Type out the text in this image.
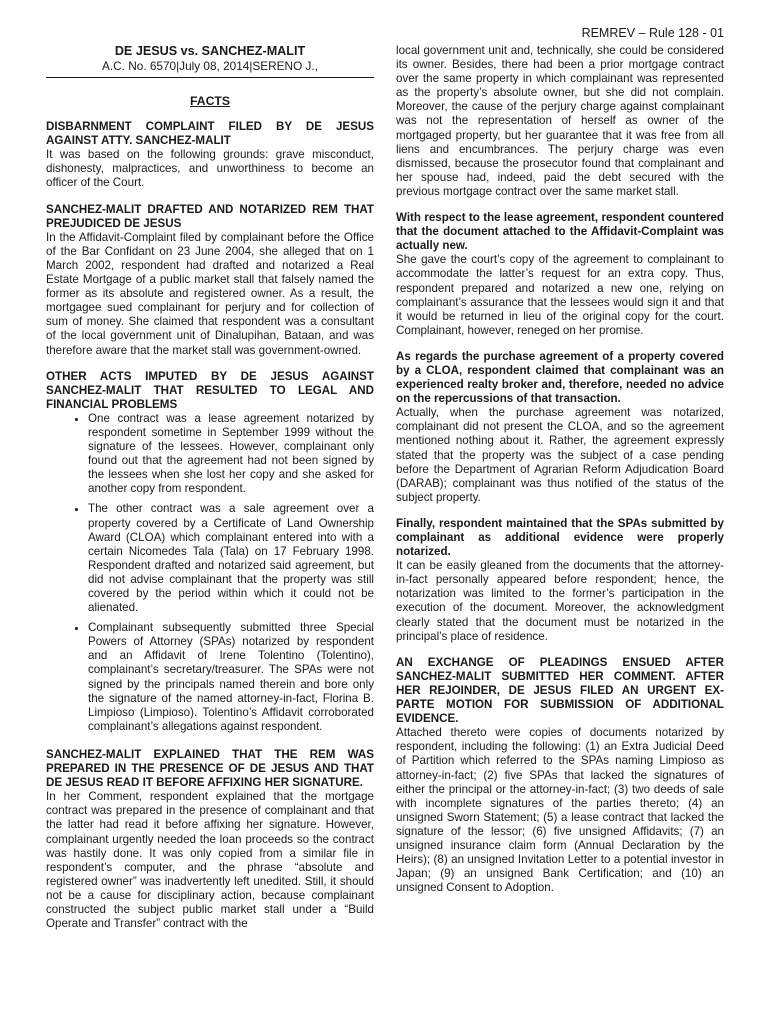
REMREV – Rule 128 - 01
DE JESUS vs. SANCHEZ-MALIT
A.C. No. 6570|July 08, 2014|SERENO J.,
FACTS

DISBARNMENT COMPLAINT FILED BY DE JESUS AGAINST ATTY. SANCHEZ-MALIT

It was based on the following grounds: grave misconduct, dishonesty, malpractices, and unworthiness to become an officer of the Court.

SANCHEZ-MALIT DRAFTED AND NOTARIZED REM THAT PREJUDICED DE JESUS

In the Affidavit-Complaint filed by complainant before the Office of the Bar Confidant on 23 June 2004, she alleged that on 1 March 2002, respondent had drafted and notarized a Real Estate Mortgage of a public market stall that falsely named the former as its absolute and registered owner. As a result, the mortgagee sued complainant for perjury and for collection of sum of money. She claimed that respondent was a consultant of the local government unit of Dinalupihan, Bataan, and was therefore aware that the market stall was government-owned.

OTHER ACTS IMPUTED BY DE JESUS AGAINST SANCHEZ-MALIT THAT RESULTED TO LEGAL AND FINANCIAL PROBLEMS

• One contract was a lease agreement notarized by respondent sometime in September 1999 without the signature of the lessees. However, complainant only found out that the agreement had not been signed by the lessees when she lost her copy and she asked for another copy from respondent.
• The other contract was a sale agreement over a property covered by a Certificate of Land Ownership Award (CLOA) which complainant entered into with a certain Nicomedes Tala (Tala) on 17 February 1998. Respondent drafted and notarized said agreement, but did not advise complainant that the property was still covered by the period within which it could not be alienated.
• Complainant subsequently submitted three Special Powers of Attorney (SPAs) notarized by respondent and an Affidavit of Irene Tolentino (Tolentino), complainant’s secretary/treasurer. The SPAs were not signed by the principals named therein and bore only the signature of the named attorney-in-fact, Florina B. Limpioso (Limpioso). Tolentino’s Affidavit corroborated complainant’s allegations against respondent.

SANCHEZ-MALIT EXPLAINED THAT THE REM WAS PREPARED IN THE PRESENCE OF DE JESUS AND THAT DE JESUS READ IT BEFORE AFFIXING HER SIGNATURE.

In her Comment, respondent explained that the mortgage contract was prepared in the presence of complainant and that the latter had read it before affixing her signature. However, complainant urgently needed the loan proceeds so the contract was hastily done. It was only copied from a similar file in respondent’s computer, and the phrase “absolute and registered owner” was inadvertently left unedited. Still, it should not be a cause for disciplinary action, because complainant constructed the subject public market stall under a “Build Operate and Transfer” contract with the

local government unit and, technically, she could be considered its owner. Besides, there had been a prior mortgage contract over the same property in which complainant was represented as the property’s absolute owner, but she did not complain. Moreover, the cause of the perjury charge against complainant was not the representation of herself as owner of the mortgaged property, but her guarantee that it was free from all liens and encumbrances. The perjury charge was even dismissed, because the prosecutor found that complainant and her spouse had, indeed, paid the debt secured with the previous mortgage contract over the same market stall.

With respect to the lease agreement, respondent countered that the document attached to the Affidavit-Complaint was actually new.

She gave the court’s copy of the agreement to complainant to accommodate the latter’s request for an extra copy. Thus, respondent prepared and notarized a new one, relying on complainant’s assurance that the lessees would sign it and that it would be returned in lieu of the original copy for the court. Complainant, however, reneged on her promise.

As regards the purchase agreement of a property covered by a CLOA, respondent claimed that complainant was an experienced realty broker and, therefore, needed no advice on the repercussions of that transaction.

Actually, when the purchase agreement was notarized, complainant did not present the CLOA, and so the agreement mentioned nothing about it. Rather, the agreement expressly stated that the property was the subject of a case pending before the Department of Agrarian Reform Adjudication Board (DARAB); complainant was thus notified of the status of the subject property.

Finally, respondent maintained that the SPAs submitted by complainant as additional evidence were properly notarized.

It can be easily gleaned from the documents that the attorney-in-fact personally appeared before respondent; hence, the notarization was limited to the former’s participation in the execution of the document. Moreover, the acknowledgment clearly stated that the document must be notarized in the principal’s place of residence.

AN EXCHANGE OF PLEADINGS ENSUED AFTER SANCHEZ-MALIT SUBMITTED HER COMMENT. AFTER HER REJOINDER, DE JESUS FILED AN URGENT EX-PARTE MOTION FOR SUBMISSION OF ADDITIONAL EVIDENCE.

Attached thereto were copies of documents notarized by respondent, including the following: (1) an Extra Judicial Deed of Partition which referred to the SPAs naming Limpioso as attorney-in-fact; (2) five SPAs that lacked the signatures of either the principal or the attorney-in-fact; (3) two deeds of sale with incomplete signatures of the parties thereto; (4) an unsigned Sworn Statement; (5) a lease contract that lacked the signature of the lessor; (6) five unsigned Affidavits; (7) an unsigned insurance claim form (Annual Declaration by the Heirs); (8) an unsigned Invitation Letter to a potential investor in Japan; (9) an unsigned Bank Certification; and (10) an unsigned Consent to Adoption.
